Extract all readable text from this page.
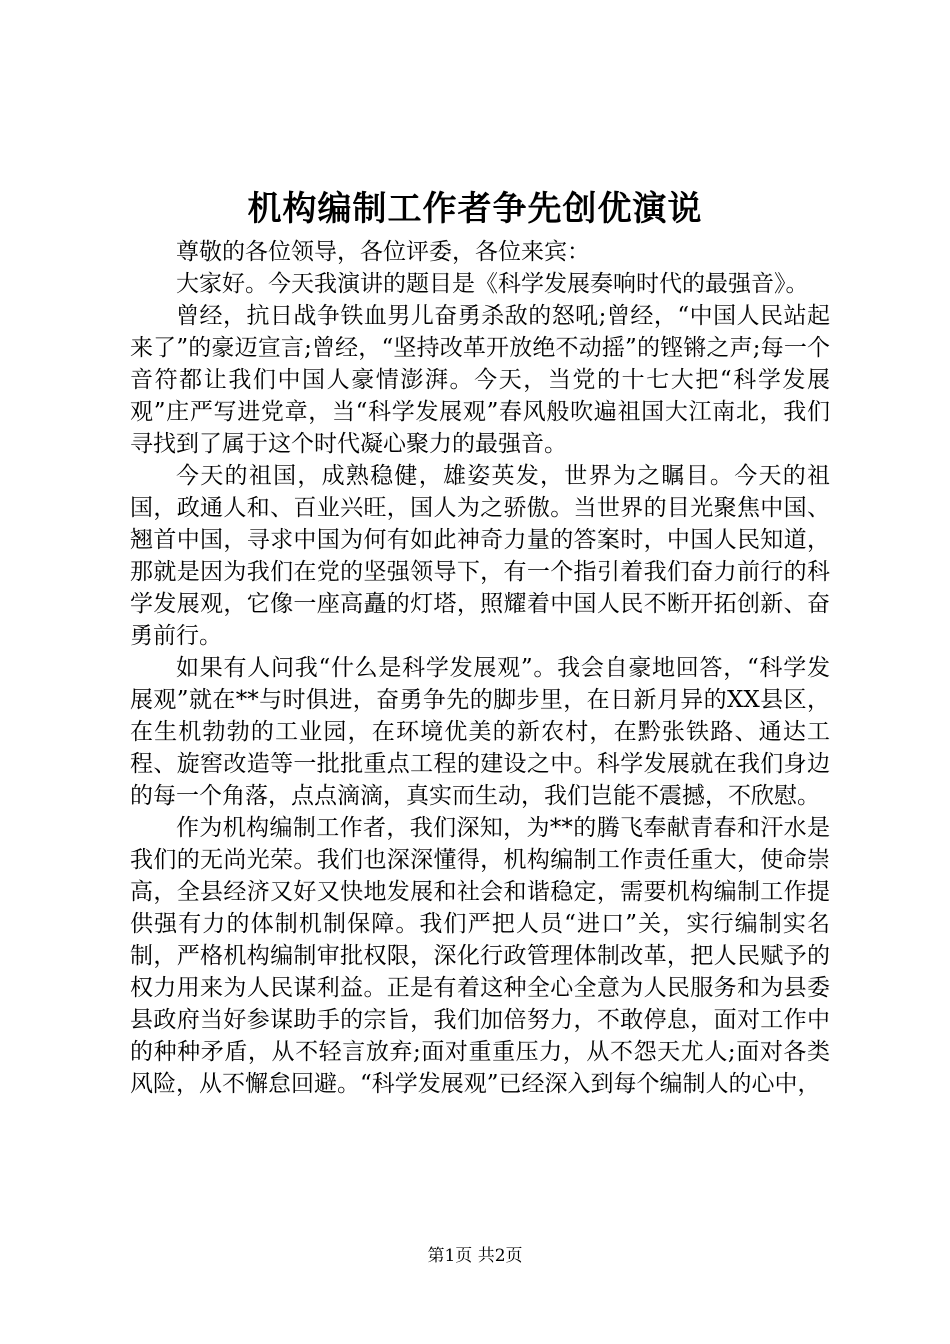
机构编制工作者争先创优演说

尊敬的各位领导，各位评委，各位来宾：

大家好。今天我演讲的题目是《科学发展奏响时代的最强音》。

曾经，抗日战争铁血男儿奋勇杀敌的怒吼;曾经，“中国人民站起来了”的豪迈宣言;曾经，“坚持改革开放绝不动摇”的铿锵之声;每一个音符都让我们中国人豪情澎湃。今天，当党的十七大把“科学发展观”庄严写进党章，当“科学发展观”春风般吹遍祖国大江南北，我们寻找到了属于这个时代凝心聚力的最强音。

今天的祖国，成熟稳健，雄姿英发，世界为之瞩目。今天的祖国，政通人和、百业兴旺，国人为之骄傲。当世界的目光聚焦中国、翘首中国，寻求中国为何有如此神奇力量的答案时，中国人民知道，那就是因为我们在党的坚强领导下，有一个指引着我们奋力前行的科学发展观，它像一座高矗的灯塔，照耀着中国人民不断开拓创新、奋勇前行。

如果有人问我“什么是科学发展观”。我会自豪地回答，“科学发展观”就在**与时俱进，奋勇争先的脚步里，在日新月异的XX县区，在生机勃勃的工业园，在环境优美的新农村，在黔张铁路、通达工程、旋窖改造等一批批重点工程的建设之中。科学发展就在我们身边的每一个角落，点点滴滴，真实而生动，我们岂能不震撼，不欣慰。

作为机构编制工作者，我们深知，为**的腾飞奉献青春和汗水是我们的无尚光荣。我们也深深懂得，机构编制工作责任重大，使命崇高，全县经济又好又快地发展和社会和谐稳定，需要机构编制工作提供强有力的体制机制保障。我们严把人员“进口”关，实行编制实名制，严格机构编制审批权限，深化行政管理体制改革，把人民赋予的权力用来为人民谋利益。正是有着这种全心全意为人民服务和为县委县政府当好参谋助手的宗旨，我们加倍努力，不敢停息，面对工作中的种种矛盾，从不轻言放弃;面对重重压力，从不怨天尤人;面对各类风险，从不懈怠回避。“科学发展观”已经深入到每个编制人的心中，

第1页 共2页
